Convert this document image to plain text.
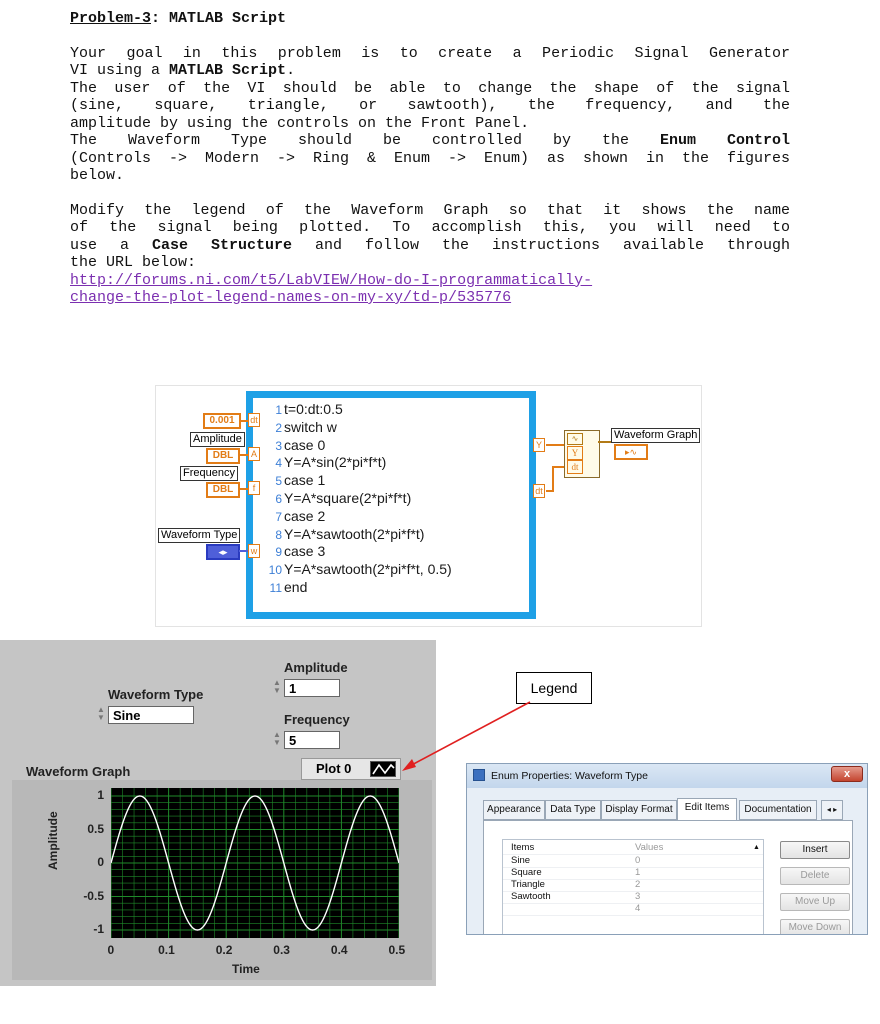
Problem-3: MATLAB Script

Your goal in this problem is to create a Periodic Signal Generator

VI using a MATLAB Script.

The user of the VI should be able to change the shape of the signal

(sine, square, triangle, or sawtooth), the frequency, and the

amplitude by using the controls on the Front Panel.

The Waveform Type should be controlled by the Enum Control

(Controls -> Modern -> Ring & Enum -> Enum) as shown in the figures

below.

Modify the legend of the Waveform Graph so that it shows the name

of the signal being plotted. To accomplish this, you will need to

use a Case Structure and follow the instructions available through

the URL below:

http://forums.ni.com/t5/LabVIEW/How-do-I-programmatically-

change-the-plot-legend-names-on-my-xy/td-p/535776

1 t=0:dt:0.5
2 switch w
3 case 0
4 Y=A*sin(2*pi*f*t)
5 case 1
6 Y=A*square(2*pi*f*t)
7 case 2
8 Y=A*sawtooth(2*pi*f*t)
9 case 3
10 Y=A*sawtooth(2*pi*f*t, 0.5)
11 end
0.001
Amplitude
DBL
Frequency
DBL
Waveform Type
◂▸
dt
A
f
w
Y
dt
∿
Y
dt
Waveform Graph
▸∿
Amplitude
▲
▼ 1
Waveform Type
▲
▼ Sine	Frequency
▲
▼ 5
Waveform Graph	Plot 0
Time
Amplitude
1
0.5
0
-0.5
-1
0	0.1	0.2	0.3	0.4	0.5
Legend
Enum Properties: Waveform Type	x
Appearance Data Type Display Format	Edit Items	Documentation	◂ ▸
Items	Values	▲
Sine	0
Square	1
Triangle	2
Sawtooth	3
4
Insert
Delete
Move Up
Move Down
